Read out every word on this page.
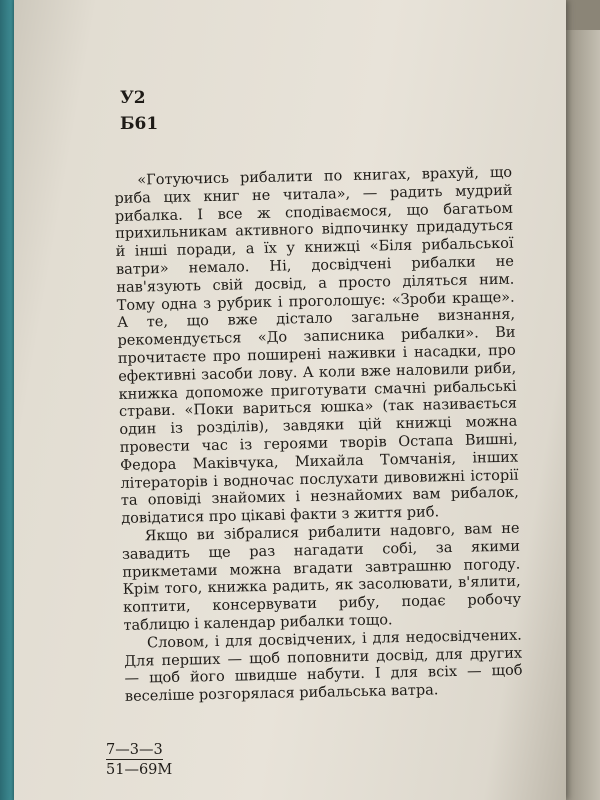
У2

Б61

«Готуючись рибалити по книгах, врахуй, що риба цих книг не читала», — радить мудрий рибалка. І все ж сподіваємося, що багатьом прихильникам активного відпочинку придадуться й інші поради, а їх у книжці «Біля рибальської ватри» немало. Ні, досвідчені рибалки не нав'язують свій досвід, а просто діляться ним. Тому одна з рубрик і проголошує: «Зроби краще». А те, що вже дістало загальне визнання, рекомендується «До записника рибалки». Ви прочитаєте про поширені наживки і насадки, про ефективні засоби лову. А коли вже наловили риби, книжка допоможе приготувати смачні рибальські страви. «Поки вариться юшка» (так називається один із розділів), завдяки цій книжці можна провести час із героями творів Остапа Вишні, Федора Маківчука, Михайла Томчанія, інших літераторів і водночас послухати дивовижні історії та оповіді знайомих і незнайомих вам рибалок, довідатися про цікаві факти з життя риб.

Якщо ви зібралися рибалити надовго, вам не завадить ще раз нагадати собі, за якими прикметами можна вгадати завтрашню погоду. Крім того, книжка радить, як засолювати, в'ялити, коптити, консервувати рибу, подає робочу таблицю і календар рибалки тощо.

Словом, і для досвідчених, і для недосвідчених. Для перших — щоб поповнити досвід, для других — щоб його швидше набути. І для всіх — щоб веселіше розгорялася рибальська ватра.

7—3—3

51—69М
